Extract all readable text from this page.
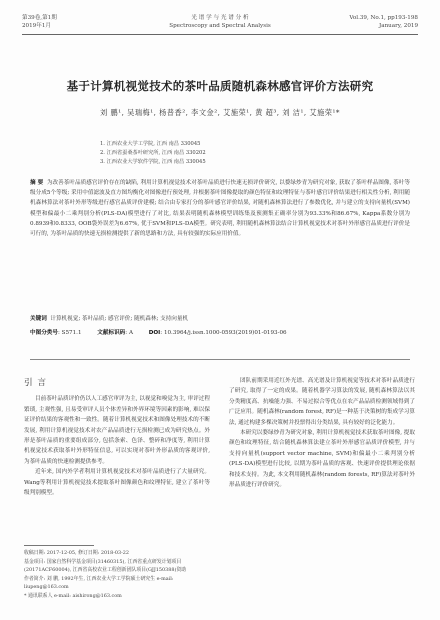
第39卷,第1期
2019年1月
光 谱 学 与 光 谱 分 析
Spectroscopy and Spectral Analysis
Vol.39, No.1, pp193-198
January, 2019
基于计算机视觉技术的茶叶品质随机森林感官评价方法研究
刘 鹏¹, 吴瑞梅¹, 杨普香², 李文金², 艾施荣¹, 黄 超³, 刘 洁¹, 艾施荣¹*
1. 江西农业大学工学院, 江西 南昌 330045
2. 江西省蚕桑茶叶研究所, 江西 南昌 330202
3. 江西农业大学软件学院, 江西 南昌 330045
摘 要 为改善茶叶品质感官评价存在的缺陷, 利用计算机视觉技术对茶叶品质进行快速无损评价研究, 以婺绿炒青为研究对象, 获取了茶叶样品图像, 茶叶等级分成5个等级; 采用中值滤波及直方图均衡化对图像进行预处理, 并根据茶叶图像提取的颜色特征和纹理特征与茶叶感官评价结果进行相关性分析, 利用随机森林算法对茶叶外形等级进行感官品质评价建模; 结合由专家打分的茶叶感官评价结果, 对随机森林算法进行了参数优化, 并与建立的支持向量机(SVM)模型和偏最小二乘判别分析(PLS-DA)模型进行了对比, 结果表明随机森林模型训练集及预测集正确率分别为93.33%和86.67%, Kappa系数分别为0.8939和0.8333, OOB袋外误差为6.67%, 优于SVM和PLS-DA模型。研究表明, 利用随机森林算法结合计算机视觉技术对茶叶外形感官品质进行评价是可行的, 为茶叶品质的快速无损检测提供了新的思路和方法, 具有较强的实际应用价值。
关键词 计算机视觉; 茶叶品质; 感官评价; 随机森林; 支持向量机
中图分类号: S571.1	文献标识码: A	DOI: 10.3964/j.issn.1000-0593(2019)01-0193-06
引 言

目前茶叶品质评价仍以人工感官审评为主, 以视觉和嗅觉为主, 审评过程繁琐, 主观性强, 且易受审评人员个体差异和外界环境等因素的影响, 难以保证评价结果的客观性和一致性。随着计算机视觉技术和图像处理技术的不断发展, 利用计算机视觉技术对农产品品质进行无损检测已成为研究热点。外形是茶叶品质的重要组成部分, 包括条索、色泽、整碎和净度等, 利用计算机视觉技术获取茶叶外形特征信息, 可以实现对茶叶外形品质的客观评价, 为茶叶品质的快速检测提供参考。

近年来, 国内外学者利用计算机视觉技术对茶叶品质进行了大量研究。Wang等利用计算机视觉技术提取茶叶图像颜色和纹理特征, 建立了茶叶等级判别模型。

团队前期采用近红外光谱、高光谱及计算机视觉等技术对茶叶品质进行了研究, 取得了一定的成果。随着机器学习算法的发展, 随机森林算法以其分类精度高、抗噪能力强、不易过拟合等优点在农产品品质检测领域得到了广泛应用。随机森林(random forest, RF)是一种基于决策树的集成学习算法, 通过构建多棵决策树并投票得出分类结果, 具有较好的泛化能力。

本研究以婺绿炒青为研究对象, 利用计算机视觉技术获取茶叶图像, 提取颜色和纹理特征, 结合随机森林算法建立茶叶外形感官品质评价模型, 并与支持向量机(support vector machine, SVM)和偏最小二乘判别分析(PLS-DA)模型进行比较, 以期为茶叶品质的客观、快速评价提供理论依据和技术支持。为此, 本文利用随机森林(random forests, RF)算法对茶叶外形品质进行评价研究。

收稿日期: 2017-12-05, 修订日期: 2018-03-22
基金项目: 国家自然科学基金项目(31460315), 江西省重点研发计划项目(20171ACF60004), 江西省高校农业工程创新团队项目(GJJ150388)资助
作者简介: 刘 鹏, 1992年生, 江西农业大学工学院硕士研究生 e-mail: liupeng@163.com
* 通讯联系人 e-mail: aishirong@163.com
